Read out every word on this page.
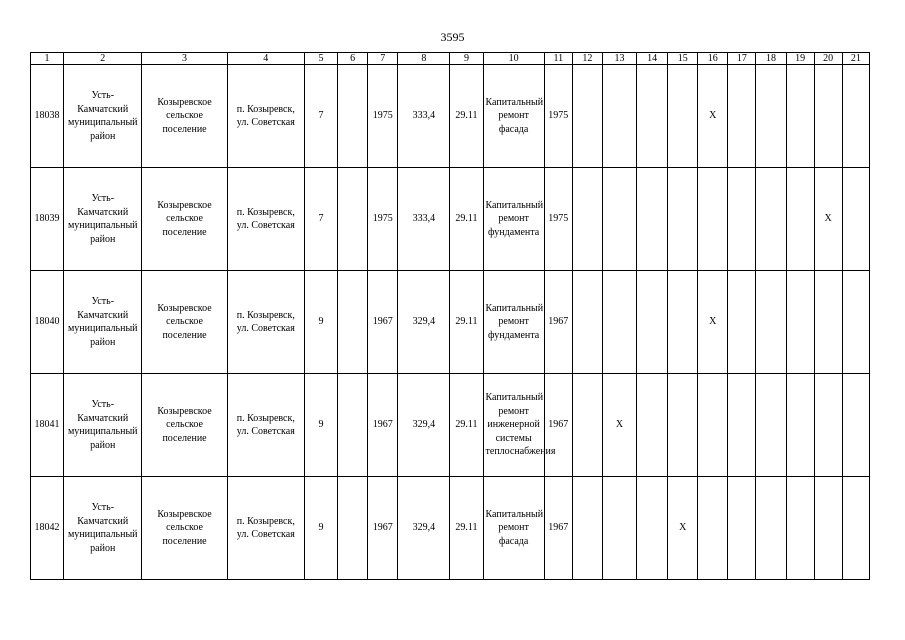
3595
1	2	3	4	5	6	7	8	9	10	11	12	13	14	15	16	17	18	19	20	21
18038	Усть-Камчатский муниципальный район	Козыревское сельское поселение	п. Козыревск, ул. Советская	7		1975	333,4	29.11	Капитальный ремонт фасада	1975					X					
18039	Усть-Камчатский муниципальный район	Козыревское сельское поселение	п. Козыревск, ул. Советская	7		1975	333,4	29.11	Капитальный ремонт фундамента	1975									X	
18040	Усть-Камчатский муниципальный район	Козыревское сельское поселение	п. Козыревск, ул. Советская	9		1967	329,4	29.11	Капитальный ремонт фундамента	1967					X					
18041	Усть-Камчатский муниципальный район	Козыревское сельское поселение	п. Козыревск, ул. Советская	9		1967	329,4	29.11	Капитальный ремонт инженерной системы теплоснабжения	1967		X								
18042	Усть-Камчатский муниципальный район	Козыревское сельское поселение	п. Козыревск, ул. Советская	9		1967	329,4	29.11	Капитальный ремонт фасада	1967				X						
